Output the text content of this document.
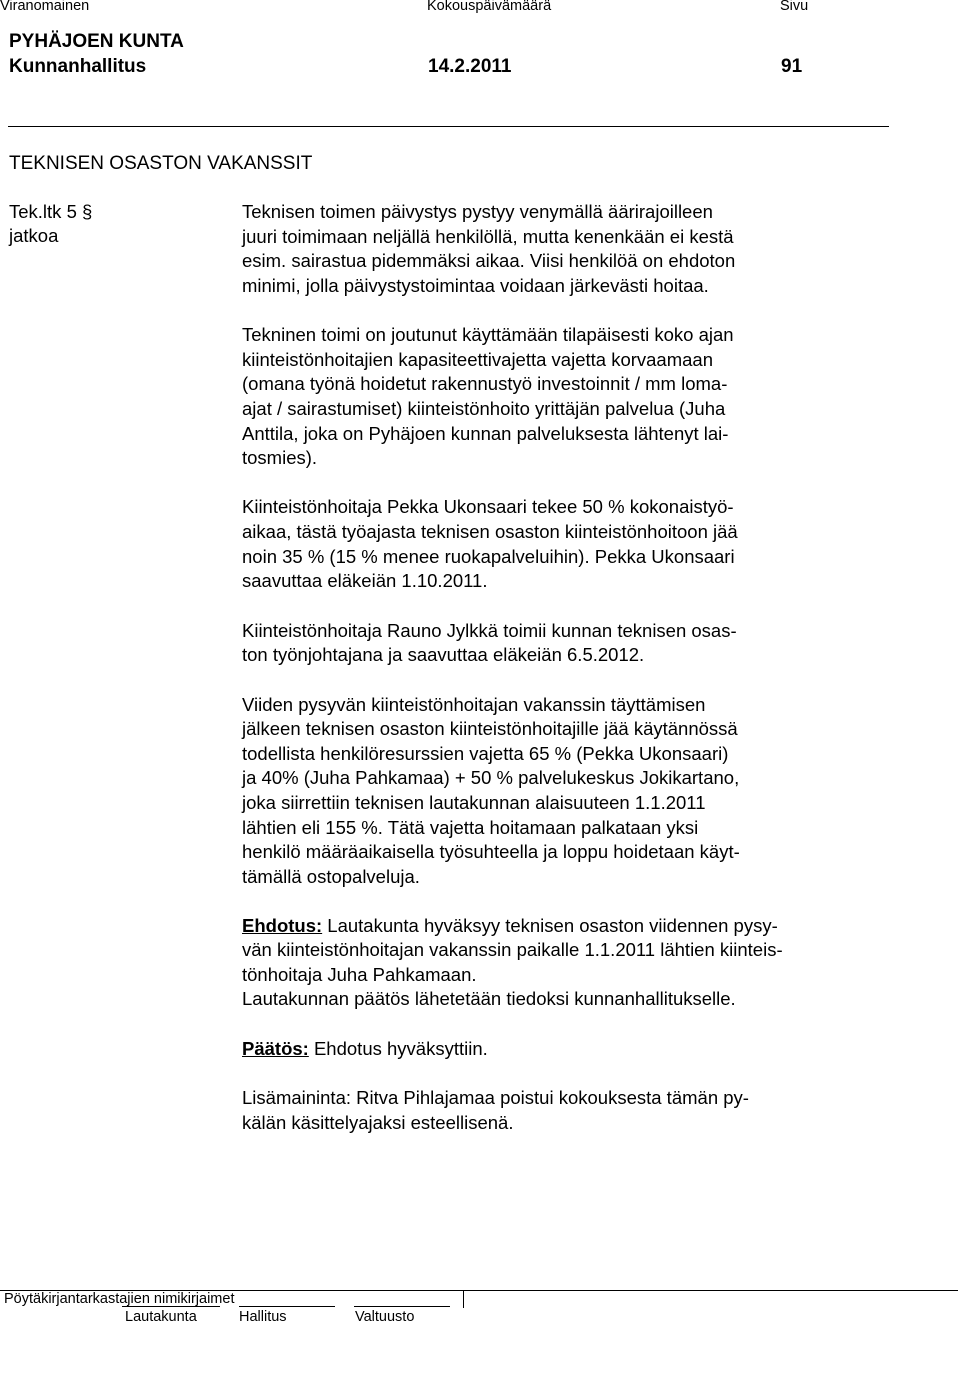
Viranomainen	Kokouspäivämäärä	Sivu
PYHÄJOEN KUNTA
Kunnanhallitus	14.2.2011	91
TEKNISEN OSASTON VAKANSSIT
Tek.ltk 5 §
jatkoa
Teknisen toimen päivystys pystyy venymällä äärirajoilleen
juuri toimimaan neljällä henkilöllä, mutta kenenkään ei kestä
esim. sairastua pidemmäksi aikaa. Viisi henkilöä on ehdoton
minimi, jolla päivystystoimintaa voidaan järkevästi hoitaa.
Tekninen toimi on joutunut käyttämään tilapäisesti koko ajan
kiinteistönhoitajien kapasiteettivajetta vajetta korvaamaan
(omana työnä hoidetut rakennustyö investoinnit / mm loma-
ajat / sairastumiset) kiinteistönhoito yrittäjän palvelua (Juha
Anttila, joka on Pyhäjoen kunnan palveluksesta lähtenyt lai-
tosmies).
Kiinteistönhoitaja Pekka Ukonsaari tekee 50 % kokonaistyö-
aikaa, tästä työajasta teknisen osaston kiinteistönhoitoon jää
noin 35 % (15 % menee ruokapalveluihin). Pekka Ukonsaari
saavuttaa eläkeiän 1.10.2011.
Kiinteistönhoitaja Rauno Jylkkä toimii kunnan teknisen osas-
ton työnjohtajana ja saavuttaa eläkeiän 6.5.2012.
Viiden pysyvän kiinteistönhoitajan vakanssin täyttämisen
jälkeen teknisen osaston kiinteistönhoitajille jää käytännössä
todellista henkilöresurssien vajetta 65 % (Pekka Ukonsaari)
ja 40% (Juha Pahkamaa) + 50 % palvelukeskus Jokikartano,
joka siirrettiin teknisen lautakunnan alaisuuteen 1.1.2011
lähtien eli 155 %. Tätä vajetta hoitamaan palkataan yksi
henkilö määräaikaisella työsuhteella ja loppu hoidetaan käyt-
tämällä ostopalveluja.
Ehdotus: Lautakunta hyväksyy teknisen osaston viidennen pysy-
vän kiinteistönhoitajan vakanssin paikalle 1.1.2011 lähtien kiinteis-
tönhoitaja Juha Pahkamaan.
Lautakunnan päätös lähetetään tiedoksi kunnanhallitukselle.
Päätös: Ehdotus hyväksyttiin.
Lisämaininta: Ritva Pihlajamaa poistui kokouksesta tämän py-
kälän käsittelyajaksi esteellisenä.
Pöytäkirjantarkastajien nimikirjaimet
Lautakunta	Hallitus	Valtuusto
